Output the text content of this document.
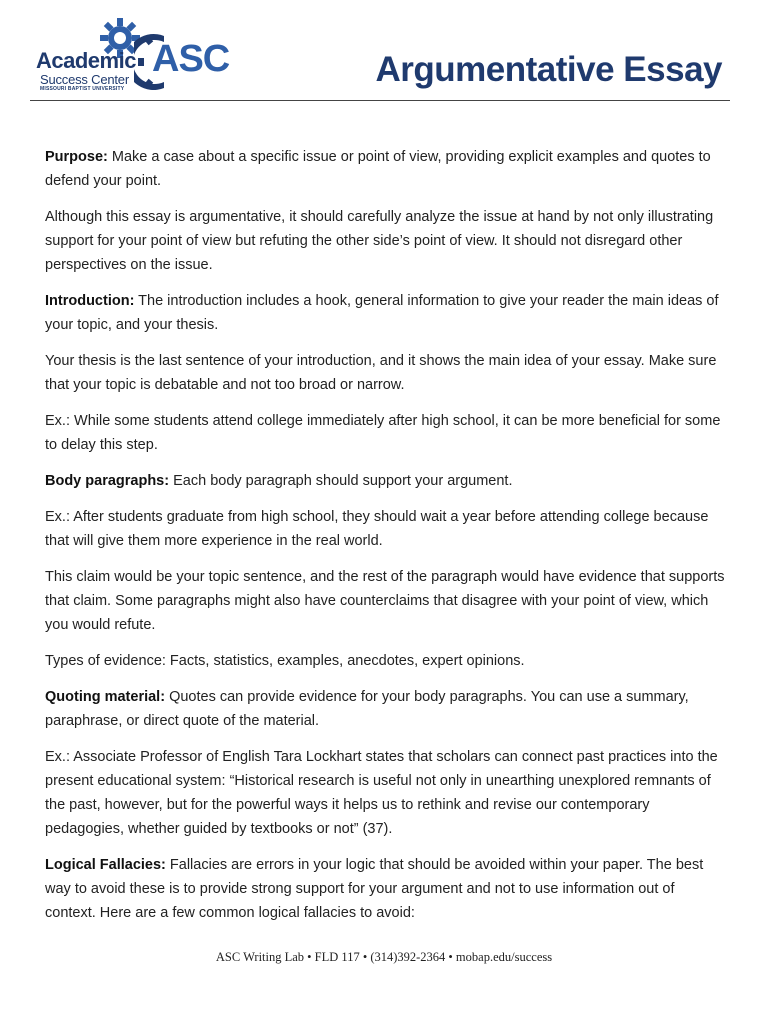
Academic
Success Center
MISSOURI BAPTIST UNIVERSITY
ASC	Argumentative Essay

Purpose: Make a case about a specific issue or point of view, providing explicit examples and quotes to defend your point.

Although this essay is argumentative, it should carefully analyze the issue at hand by not only illustrating support for your point of view but refuting the other side’s point of view. It should not disregard other perspectives on the issue.

Introduction: The introduction includes a hook, general information to give your reader the main ideas of your topic, and your thesis.

Your thesis is the last sentence of your introduction, and it shows the main idea of your essay. Make sure that your topic is debatable and not too broad or narrow.

Ex.: While some students attend college immediately after high school, it can be more beneficial for some to delay this step.

Body paragraphs: Each body paragraph should support your argument.

Ex.: After students graduate from high school, they should wait a year before attending college because that will give them more experience in the real world.

This claim would be your topic sentence, and the rest of the paragraph would have evidence that supports that claim. Some paragraphs might also have counterclaims that disagree with your point of view, which you would refute.

Types of evidence: Facts, statistics, examples, anecdotes, expert opinions.

Quoting material: Quotes can provide evidence for your body paragraphs. You can use a summary, paraphrase, or direct quote of the material.

Ex.: Associate Professor of English Tara Lockhart states that scholars can connect past practices into the present educational system: “Historical research is useful not only in unearthing unexplored remnants of the past, however, but for the powerful ways it helps us to rethink and revise our contemporary pedagogies, whether guided by textbooks or not” (37).

Logical Fallacies: Fallacies are errors in your logic that should be avoided within your paper. The best way to avoid these is to provide strong support for your argument and not to use information out of context. Here are a few common logical fallacies to avoid:

ASC Writing Lab • FLD 117 • (314)392-2364 • mobap.edu/success
